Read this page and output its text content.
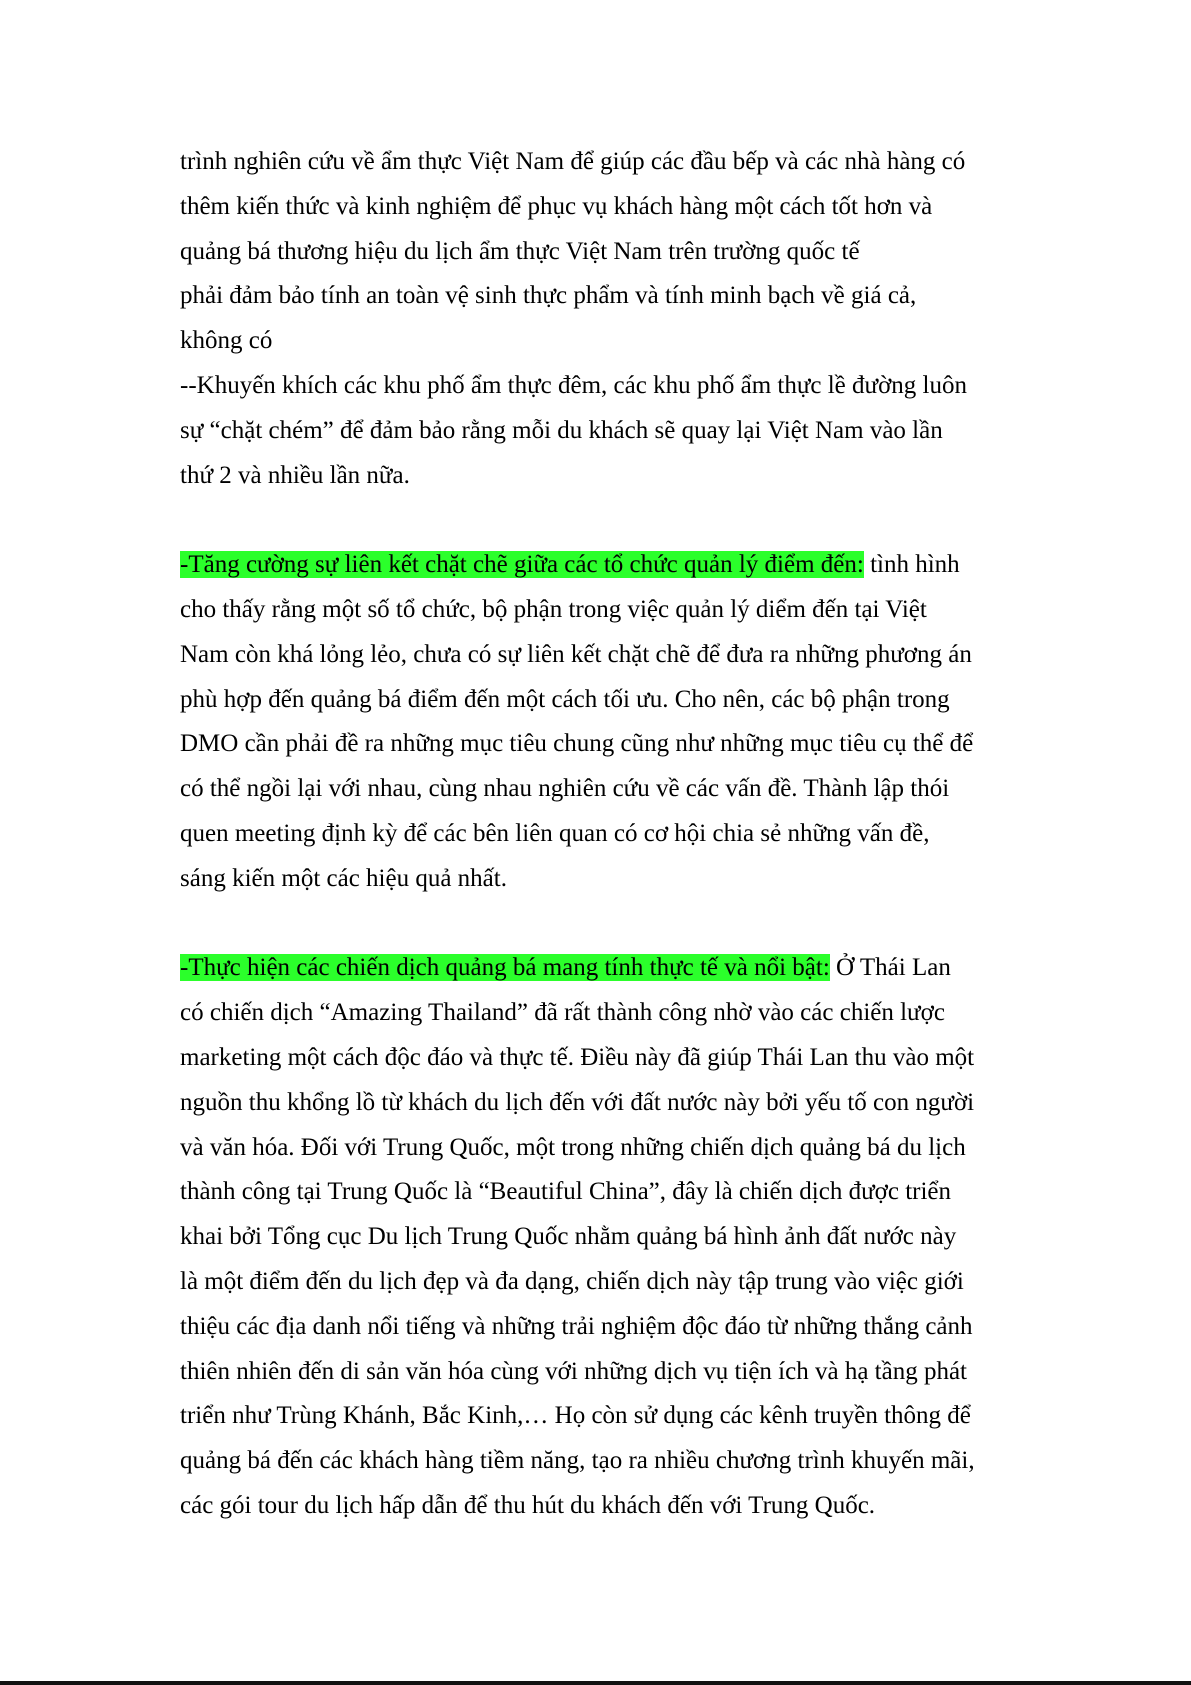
trình nghiên cứu về ẩm thực Việt Nam để giúp các đầu bếp và các nhà hàng có
thêm kiến thức và kinh nghiệm để phục vụ khách hàng một cách tốt hơn và
quảng bá thương hiệu du lịch ẩm thực Việt Nam trên trường quốc tế
phải đảm bảo tính an toàn vệ sinh thực phẩm và tính minh bạch về giá cả,
không có
--Khuyến khích các khu phố ẩm thực đêm, các khu phố ẩm thực lề đường luôn
sự “chặt chém” để đảm bảo rằng mỗi du khách sẽ quay lại Việt Nam vào lần
thứ 2 và nhiều lần nữa.
-Tăng cường sự liên kết chặt chẽ giữa các tổ chức quản lý điểm đến: tình hình
cho thấy rằng một số tổ chức, bộ phận trong việc quản lý diểm đến tại Việt
Nam còn khá lỏng lẻo, chưa có sự liên kết chặt chẽ để đưa ra những phương án
phù hợp đến quảng bá điểm đến một cách tối ưu. Cho nên, các bộ phận trong
DMO cần phải đề ra những mục tiêu chung cũng như những mục tiêu cụ thể để
có thể ngồi lại với nhau, cùng nhau nghiên cứu về các vấn đề. Thành lập thói
quen meeting định kỳ để các bên liên quan có cơ hội chia sẻ những vấn đề,
sáng kiến một các hiệu quả nhất.
-Thực hiện các chiến dịch quảng bá mang tính thực tế và nổi bật: Ở Thái Lan
có chiến dịch “Amazing Thailand” đã rất thành công nhờ vào các chiến lược
marketing một cách độc đáo và thực tế. Điều này đã giúp Thái Lan thu vào một
nguồn thu khổng lồ từ khách du lịch đến với đất nước này bởi yếu tố con người
và văn hóa. Đối với Trung Quốc, một trong những chiến dịch quảng bá du lịch
thành công tại Trung Quốc là “Beautiful China”, đây là chiến dịch được triển
khai bởi Tổng cục Du lịch Trung Quốc nhằm quảng bá hình ảnh đất nước này
là một điểm đến du lịch đẹp và đa dạng, chiến dịch này tập trung vào việc giới
thiệu các địa danh nổi tiếng và những trải nghiệm độc đáo từ những thắng cảnh
thiên nhiên đến di sản văn hóa cùng với những dịch vụ tiện ích và hạ tầng phát
triển như Trùng Khánh, Bắc Kinh,… Họ còn sử dụng các kênh truyền thông để
quảng bá đến các khách hàng tiềm năng, tạo ra nhiều chương trình khuyến mãi,
các gói tour du lịch hấp dẫn để thu hút du khách đến với Trung Quốc.
